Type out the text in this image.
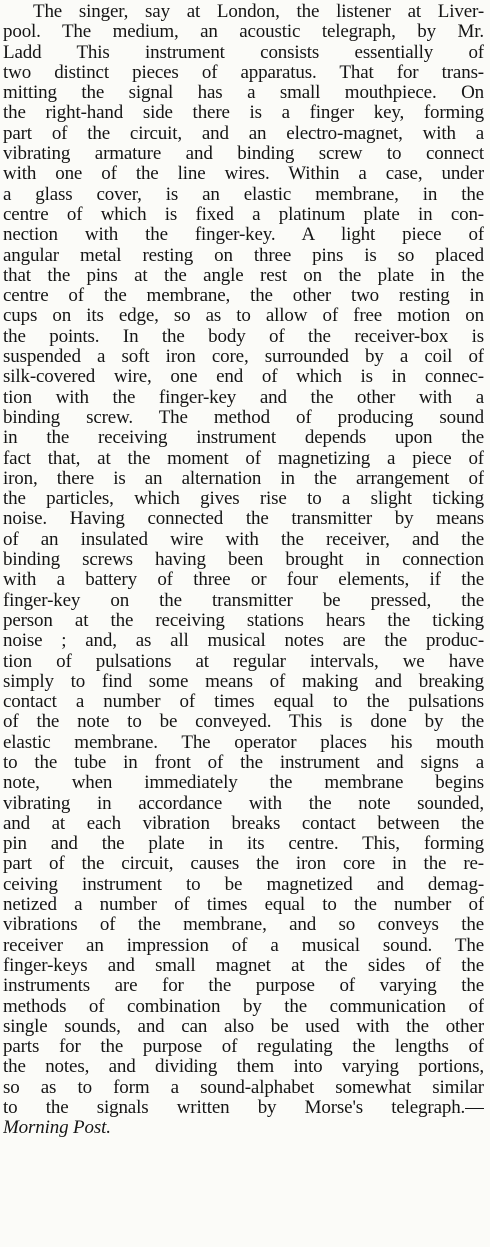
The singer, say at London, the listener at Liver-
pool. The medium, an acoustic telegraph, by Mr.
Ladd This instrument consists essentially of
two distinct pieces of apparatus. That for trans-
mitting the signal has a small mouthpiece. On
the right-hand side there is a finger key, forming
part of the circuit, and an electro-magnet, with a
vibrating armature and binding screw to connect
with one of the line wires. Within a case, under
a glass cover, is an elastic membrane, in the
centre of which is fixed a platinum plate in con-
nection with the finger-key. A light piece of
angular metal resting on three pins is so placed
that the pins at the angle rest on the plate in the
centre of the membrane, the other two resting in
cups on its edge, so as to allow of free motion on
the points. In the body of the receiver-box is
suspended a soft iron core, surrounded by a coil of
silk-covered wire, one end of which is in connec-
tion with the finger-key and the other with a
binding screw. The method of producing sound
in the receiving instrument depends upon the
fact that, at the moment of magnetizing a piece of
iron, there is an alternation in the arrangement of
the particles, which gives rise to a slight ticking
noise. Having connected the transmitter by means
of an insulated wire with the receiver, and the
binding screws having been brought in connection
with a battery of three or four elements, if the
finger-key on the transmitter be pressed, the
person at the receiving stations hears the ticking
noise ; and, as all musical notes are the produc-
tion of pulsations at regular intervals, we have
simply to find some means of making and breaking
contact a number of times equal to the pulsations
of the note to be conveyed. This is done by the
elastic membrane. The operator places his mouth
to the tube in front of the instrument and signs a
note, when immediately the membrane begins
vibrating in accordance with the note sounded,
and at each vibration breaks contact between the
pin and the plate in its centre. This, forming
part of the circuit, causes the iron core in the re-
ceiving instrument to be magnetized and demag-
netized a number of times equal to the number of
vibrations of the membrane, and so conveys the
receiver an impression of a musical sound. The
finger-keys and small magnet at the sides of the
instruments are for the purpose of varying the
methods of combination by the communication of
single sounds, and can also be used with the other
parts for the purpose of regulating the lengths of
the notes, and dividing them into varying portions,
so as to form a sound-alphabet somewhat similar
to the signals written by Morse's telegraph.—
Morning Post.
